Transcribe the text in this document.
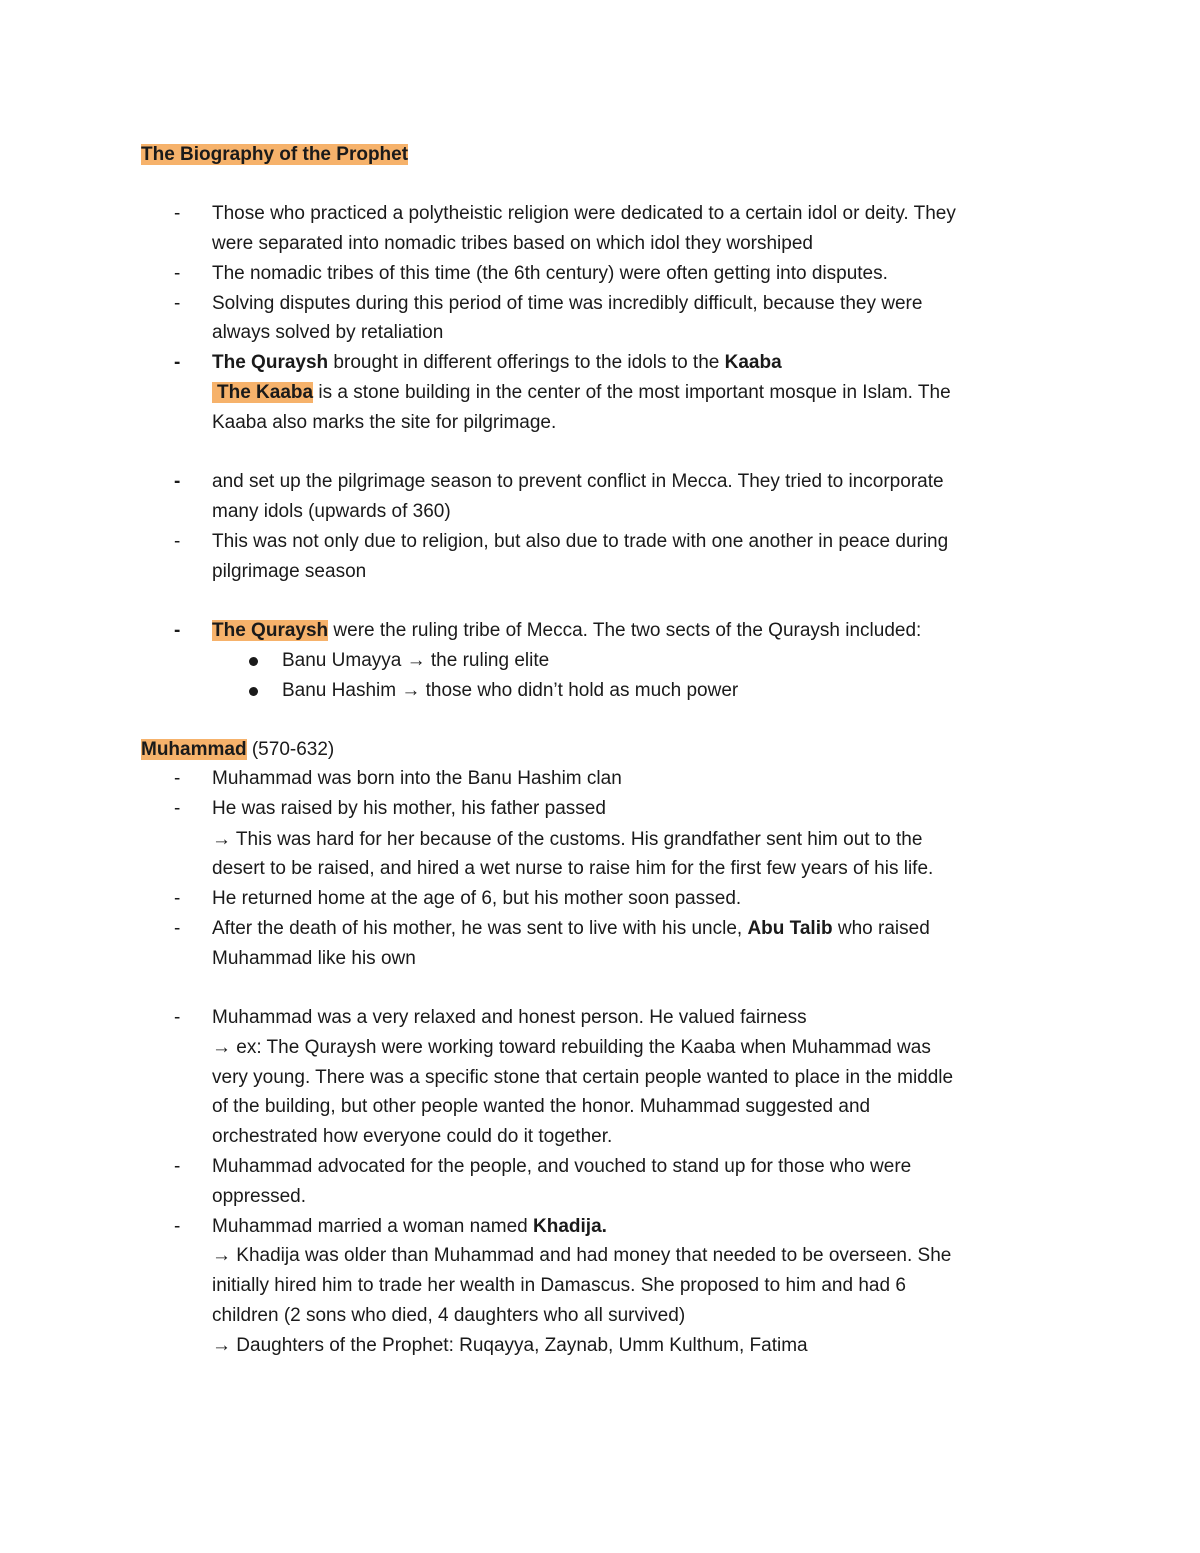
The Biography of the Prophet
- Those who practiced a polytheistic religion were dedicated to a certain idol or deity. They
were separated into nomadic tribes based on which idol they worshiped
- The nomadic tribes of this time (the 6th century) were often getting into disputes.
- Solving disputes during this period of time was incredibly difficult, because they were
always solved by retaliation
- The Quraysh brought in different offerings to the idols to the Kaaba
The Kaaba is a stone building in the center of the most important mosque in Islam. The
Kaaba also marks the site for pilgrimage.
- and set up the pilgrimage season to prevent conflict in Mecca. They tried to incorporate
many idols (upwards of 360)
- This was not only due to religion, but also due to trade with one another in peace during
pilgrimage season
- The Quraysh were the ruling tribe of Mecca. The two sects of the Quraysh included:
Banu Umayya → the ruling elite
Banu Hashim → those who didn’t hold as much power
Muhammad (570-632)
- Muhammad was born into the Banu Hashim clan
- He was raised by his mother, his father passed
→ This was hard for her because of the customs. His grandfather sent him out to the
desert to be raised, and hired a wet nurse to raise him for the first few years of his life.
- He returned home at the age of 6, but his mother soon passed.
- After the death of his mother, he was sent to live with his uncle, Abu Talib who raised
Muhammad like his own
- Muhammad was a very relaxed and honest person. He valued fairness
→ ex: The Quraysh were working toward rebuilding the Kaaba when Muhammad was
very young. There was a specific stone that certain people wanted to place in the middle
of the building, but other people wanted the honor. Muhammad suggested and
orchestrated how everyone could do it together.
- Muhammad advocated for the people, and vouched to stand up for those who were
oppressed.
- Muhammad married a woman named Khadija.
→ Khadija was older than Muhammad and had money that needed to be overseen. She
initially hired him to trade her wealth in Damascus. She proposed to him and had 6
children (2 sons who died, 4 daughters who all survived)
→ Daughters of the Prophet: Ruqayya, Zaynab, Umm Kulthum, Fatima
